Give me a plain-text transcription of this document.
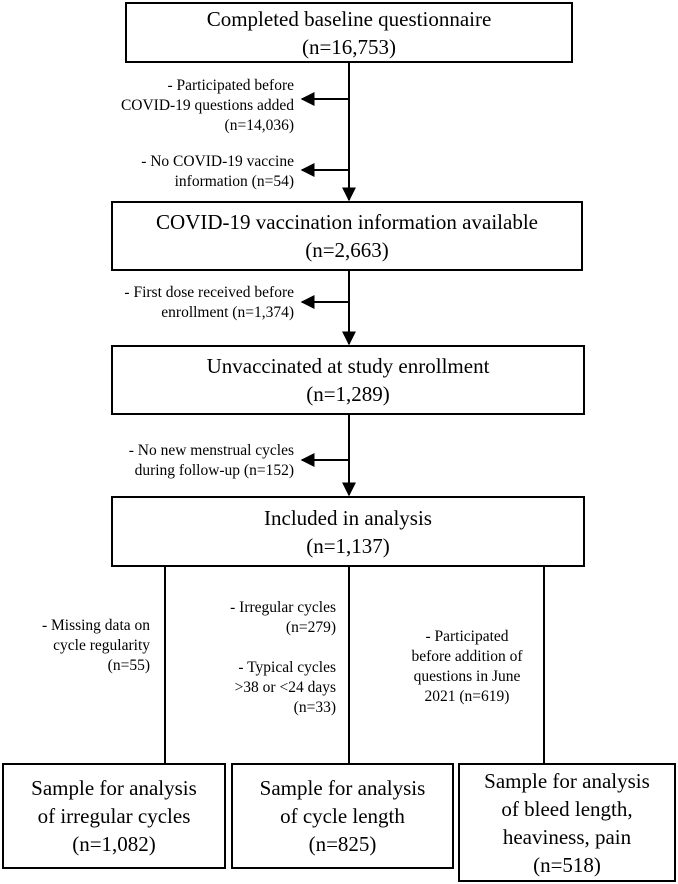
Completed baseline questionnaire
(n=16,753)
COVID-19 vaccination information available
(n=2,663)
Unvaccinated at study enrollment
(n=1,289)
Included in analysis
(n=1,137)
- Participated before
COVID-19 questions added
(n=14,036)
- No COVID-19 vaccine
information (n=54)
- First dose received before
enrollment (n=1,374)
- No new menstrual cycles
during follow-up (n=152)
- Missing data on
cycle regularity
(n=55)
- Irregular cycles
(n=279)
- Typical cycles
>38 or <24 days
(n=33)
- Participated
before addition of
questions in June
2021 (n=619)
Sample for analysis
of irregular cycles
(n=1,082)
Sample for analysis
of cycle length
(n=825)
Sample for analysis
of bleed length,
heaviness, pain
(n=518)
